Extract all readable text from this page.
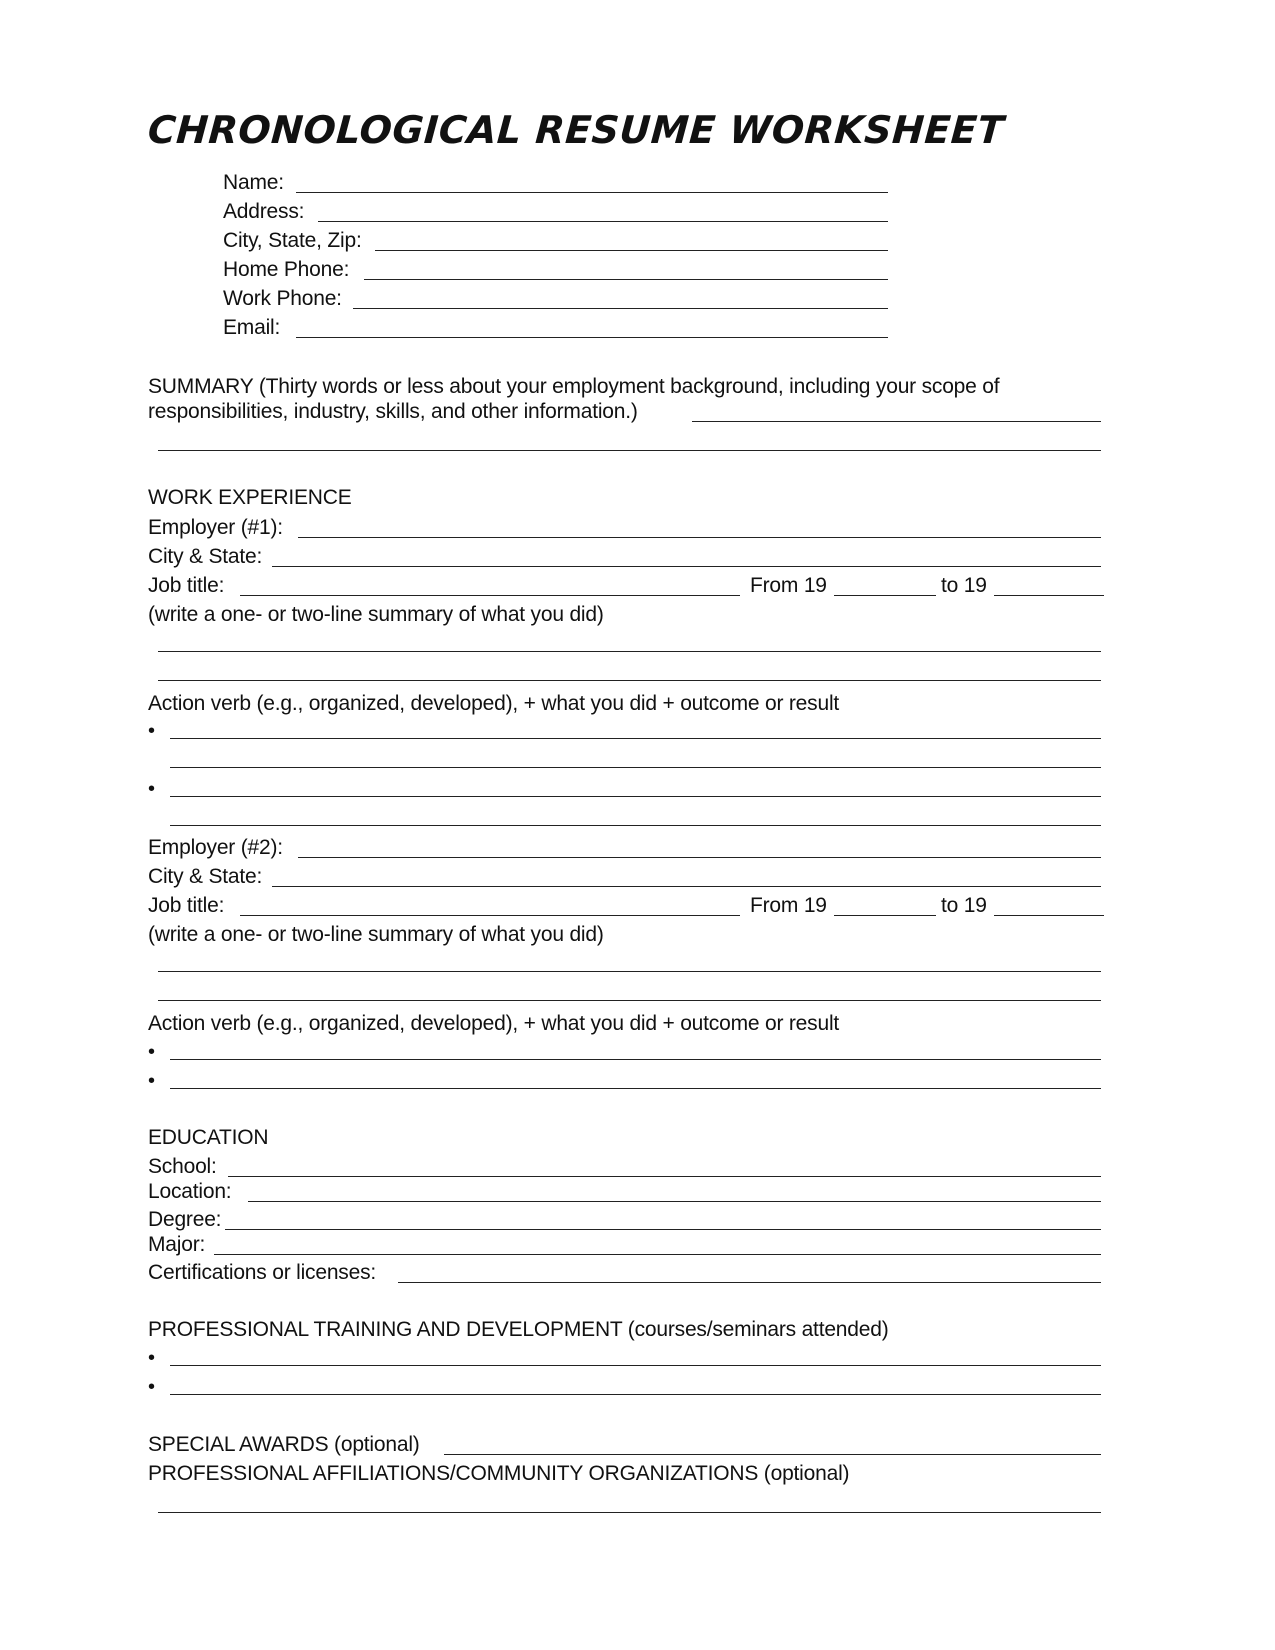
CHRONOLOGICAL RESUME WORKSHEET
Name:
Address:
City, State, Zip:
Home Phone:
Work Phone:
Email:
SUMMARY (Thirty words or less about your employment background, including your scope of
responsibilities, industry, skills, and other information.)
WORK EXPERIENCE
Employer (#1):
City & State:
Job title:	From 19	to 19
(write a one- or two-line summary of what you did)
Action verb (e.g., organized, developed), + what you did + outcome or result
•
•
Employer (#2):
City & State:
Job title:	From 19	to 19
(write a one- or two-line summary of what you did)
Action verb (e.g., organized, developed), + what you did + outcome or result
•
•
EDUCATION
School:
Location:
Degree:
Major:
Certifications or licenses:
PROFESSIONAL TRAINING AND DEVELOPMENT (courses/seminars attended)
•
•
SPECIAL AWARDS (optional)
PROFESSIONAL AFFILIATIONS/COMMUNITY ORGANIZATIONS (optional)
